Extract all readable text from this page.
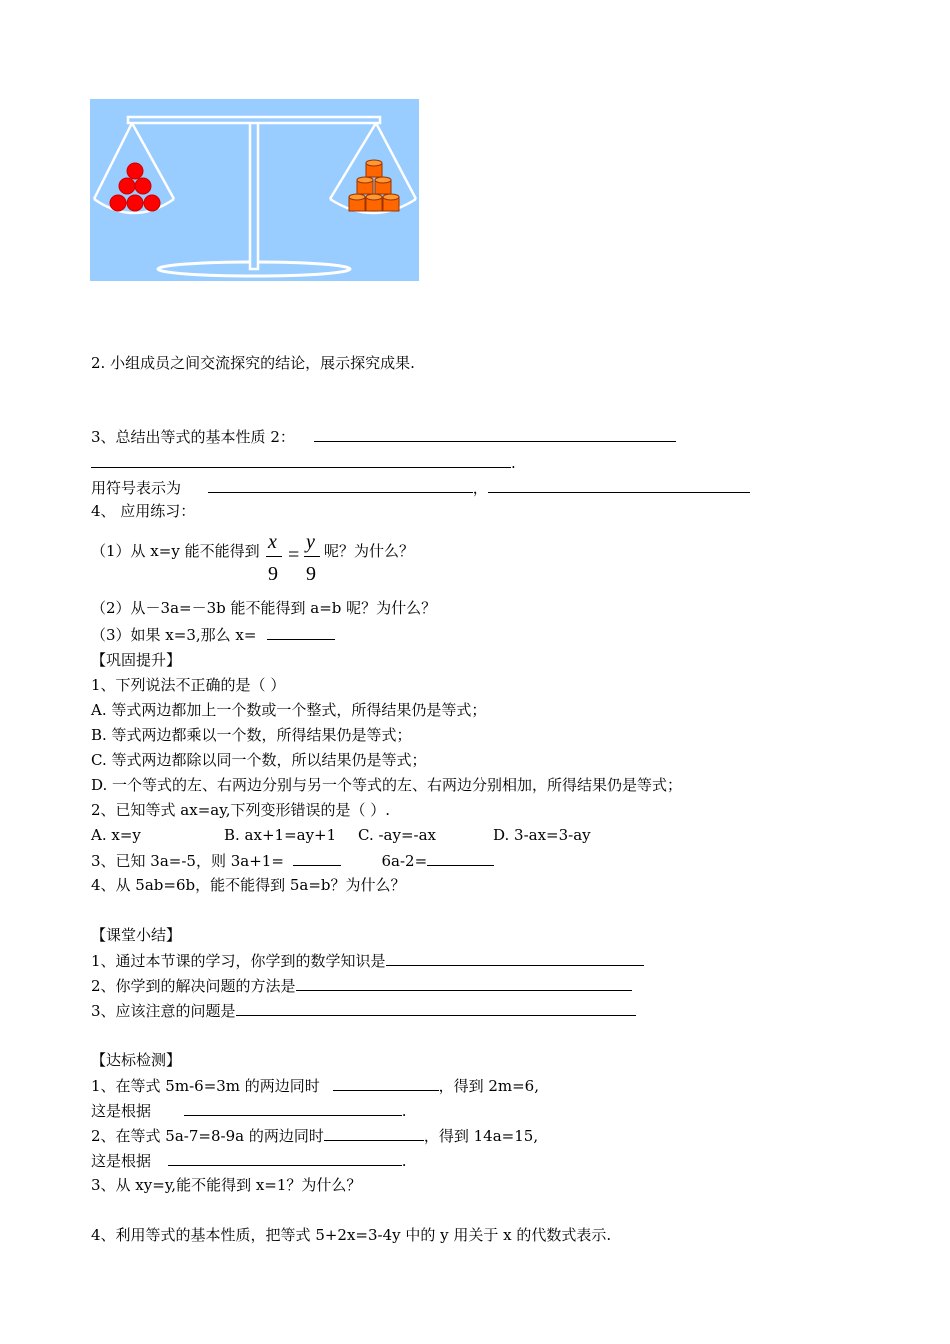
2. 小组成员之间交流探究的结论，展示探究成果.
3、总结出等式的基本性质 2：
.
用符号表示为	，
4、 应用练习：
（1）从 x=y 能不能得到 x
9
=
y
9
呢？为什么？
（2）从－3a=－3b 能不能得到 a=b 呢？为什么？
（3）如果 x=3,那么 x=
【巩固提升】
1、下列说法不正确的是（ ）
A. 等式两边都加上一个数或一个整式，所得结果仍是等式；
B. 等式两边都乘以一个数，所得结果仍是等式；
C. 等式两边都除以同一个数，所以结果仍是等式；
D. 一个等式的左、右两边分别与另一个等式的左、右两边分别相加，所得结果仍是等式；
2、已知等式 ax=ay,下列变形错误的是（ ）.
A. x=y	B. ax+1=ay+1 C. -ay=-ax	D. 3-ax=3-ay
3、已知 3a=-5，则 3a+1=	6a-2=
4、从 5ab=6b，能不能得到 5a=b？为什么？
【课堂小结】
1、通过本节课的学习，你学到的数学知识是
2、你学到的解决问题的方法是
3、应该注意的问题是
【达标检测】
1、在等式 5m-6=3m 的两边同时	，得到 2m=6,
这是根据	.
2、在等式 5a-7=8-9a 的两边同时	，得到 14a=15,
这是根据	.
3、从 xy=y,能不能得到 x=1？为什么？
4、利用等式的基本性质，把等式 5+2x=3-4y 中的 y 用关于 x 的代数式表示.
